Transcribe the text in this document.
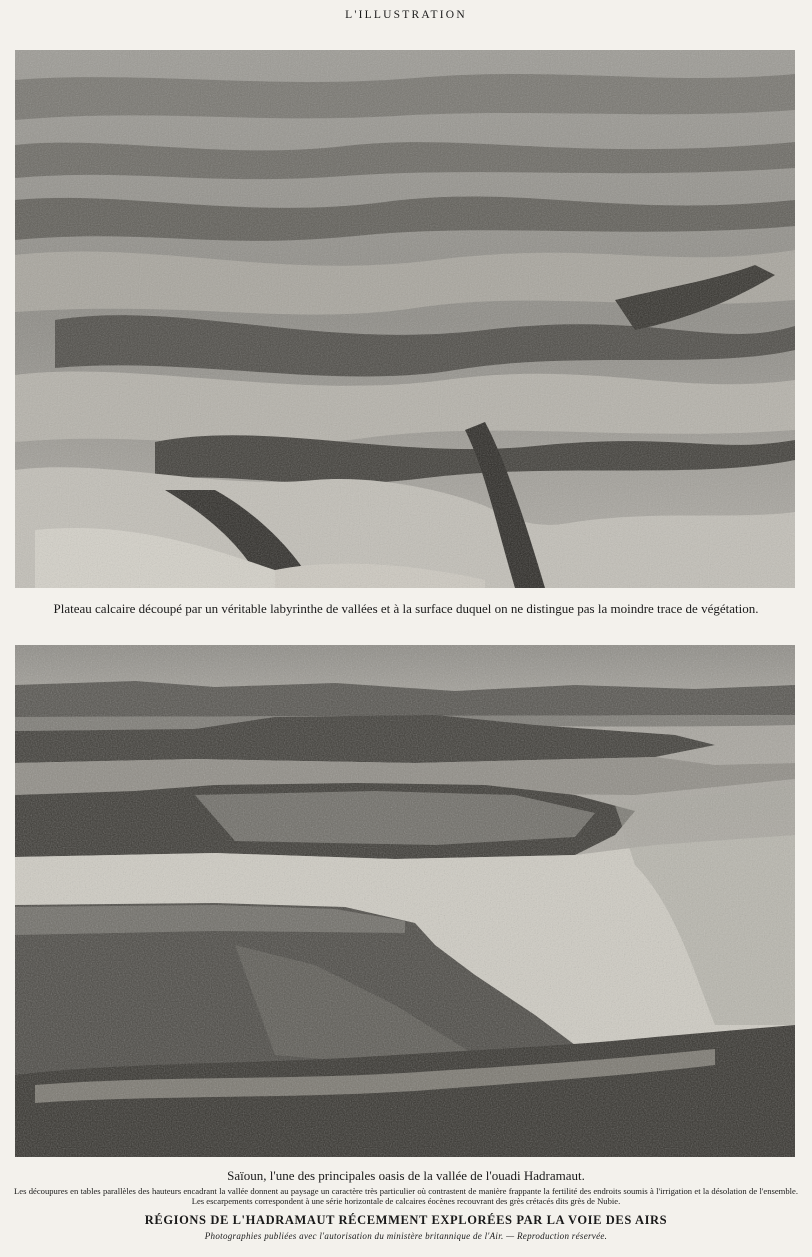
L'ILLUSTRATION
Plateau calcaire découpé par un véritable labyrinthe de vallées et à la surface duquel on ne distingue pas la moindre trace de végétation.
Saïoun, l'une des principales oasis de la vallée de l'ouadi Hadramaut.
Les découpures en tables parallèles des hauteurs encadrant la vallée donnent au paysage un caractère très particulier où contrastent de manière frappante la fertilité des endroits soumis à l'irrigation et la désolation de l'ensemble. Les escarpements correspondent à une série horizontale de calcaires éocènes recouvrant des grès crétacés dits grès de Nubie.
RÉGIONS DE L'HADRAMAUT RÉCEMMENT EXPLORÉES PAR LA VOIE DES AIRS
Photographies publiées avec l'autorisation du ministère britannique de l'Air. — Reproduction réservée.
